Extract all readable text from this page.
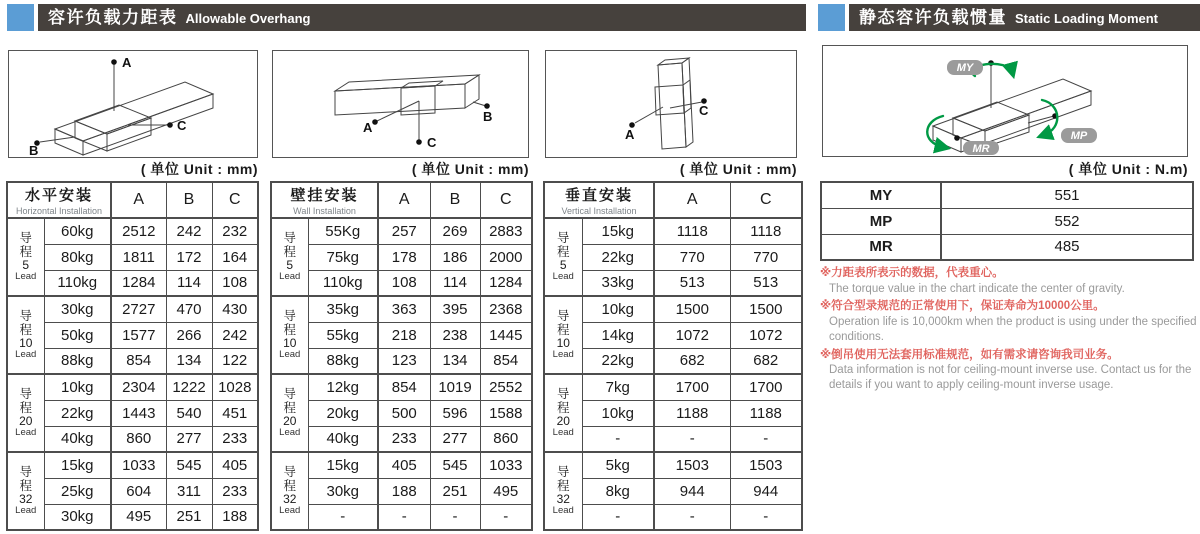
容许负载力距表 Allowable Overhang	静态容许负载惯量 Static Loading Moment
A
B
C	A
C
B
A
C
MY
MP
MR
( 单位 Unit : mm)	( 单位 Unit : mm)	( 单位 Unit : mm)	( 单位 Unit : N.m)
水平安装
Horizontal Installation		A	B	C

导
程
5
Lead	60kg	2512	242	232
	80kg	1811	172	164
	110kg	1284	114	108

导
程
10
Lead	30kg	2727	470	430
	50kg	1577	266	242
	88kg	854	134	122

导
程
20
Lead	10kg	2304	1222	1028
	22kg	1443	540	451
	40kg	860	277	233

导
程
32
Lead	15kg	1033	545	405
	25kg	604	311	233
	30kg	495	251	188
壁挂安装
Wall Installation		A	B	C

导
程
5
Lead	55Kg	257	269	2883
	75kg	178	186	2000
	110kg	108	114	1284

导
程
10
Lead	35kg	363	395	2368
	55kg	218	238	1445
	88kg	123	134	854

导
程
20
Lead	12kg	854	1019	2552
	20kg	500	596	1588
	40kg	233	277	860

导
程
32
Lead	15kg	405	545	1033
	30kg	188	251	495
	-	-	-	-
垂直安装
Vertical Installation		A	C

导
程
5
Lead	15kg	1118	1118
	22kg	770	770
	33kg	513	513

导
程
10
Lead	10kg	1500	1500
	14kg	1072	1072
	22kg	682	682

导
程
20
Lead	7kg	1700	1700
	10kg	1188	1188
	-	-	-

导
程
32
Lead	5kg	1503	1503
	8kg	944	944
	-	-	-
MY	551
MP	552
MR	485
※力距表所表示的数据，代表重心。
The torque value in the chart indicate the center of gravity.
※符合型录规范的正常使用下，保证寿命为10000公里。
Operation life is 10,000km when the product is using under the specified conditions.
※倒吊使用无法套用标准规范，如有需求请咨询我司业务。
Data information is not for ceiling-mount inverse use. Contact us for the details if you want to apply ceiling-mount inverse usage.
